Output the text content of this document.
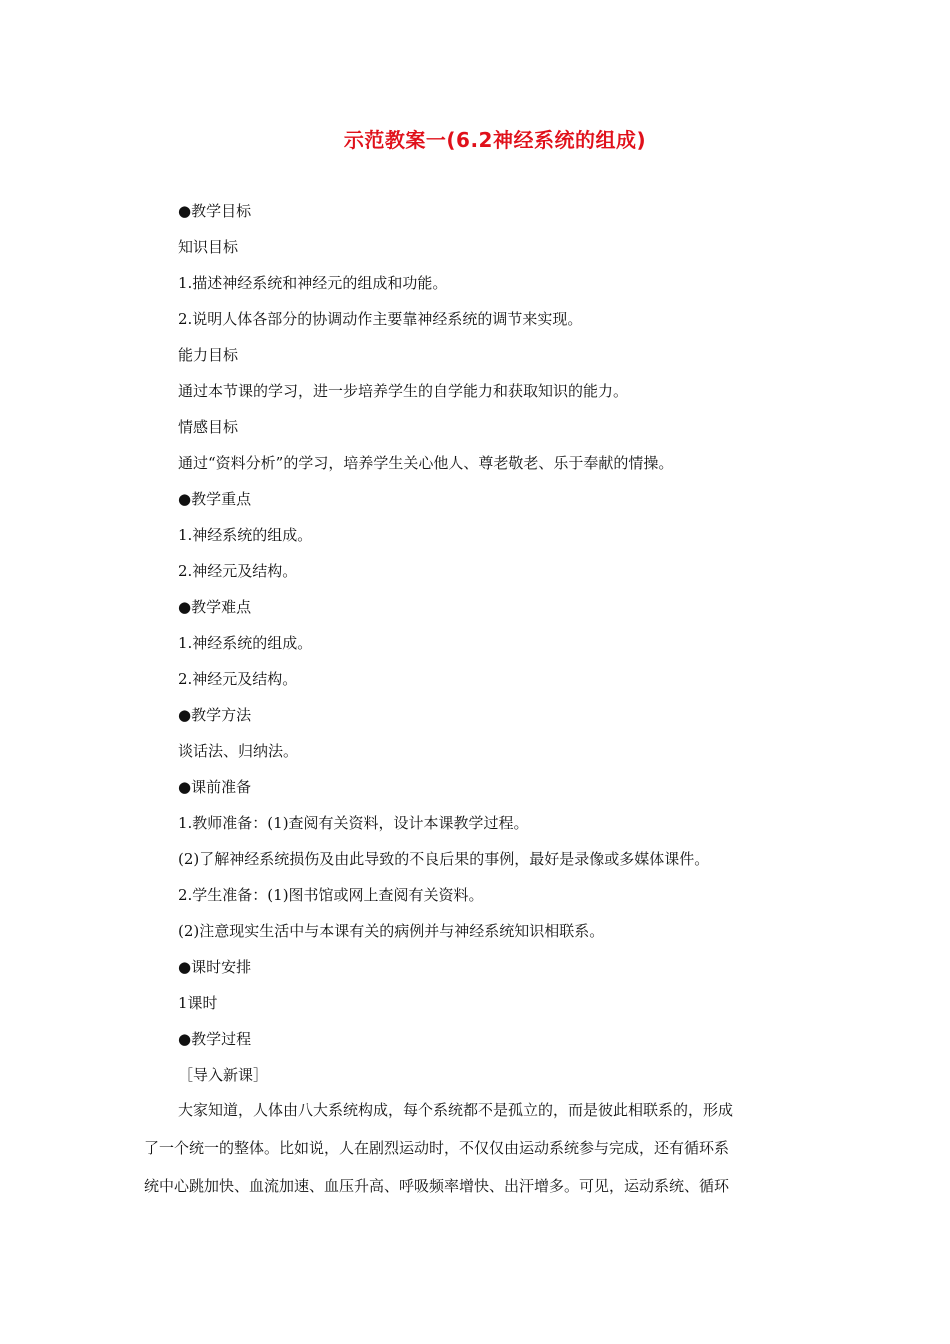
示范教案一(6.2神经系统的组成)
●教学目标
知识目标
1.描述神经系统和神经元的组成和功能。
2.说明人体各部分的协调动作主要靠神经系统的调节来实现。
能力目标
通过本节课的学习，进一步培养学生的自学能力和获取知识的能力。
情感目标
通过“资料分析”的学习，培养学生关心他人、尊老敬老、乐于奉献的情操。
●教学重点
1.神经系统的组成。
2.神经元及结构。
●教学难点
1.神经系统的组成。
2.神经元及结构。
●教学方法
谈话法、归纳法。
●课前准备
1.教师准备：(1)查阅有关资料，设计本课教学过程。
(2)了解神经系统损伤及由此导致的不良后果的事例，最好是录像或多媒体课件。
2.学生准备：(1)图书馆或网上查阅有关资料。
(2)注意现实生活中与本课有关的病例并与神经系统知识相联系。
●课时安排
1课时
●教学过程
［导入新课］
大家知道，人体由八大系统构成，每个系统都不是孤立的，而是彼此相联系的，形成
了一个统一的整体。比如说，人在剧烈运动时，不仅仅由运动系统参与完成，还有循环系
统中心跳加快、血流加速、血压升高、呼吸频率增快、出汗增多。可见，运动系统、循环
